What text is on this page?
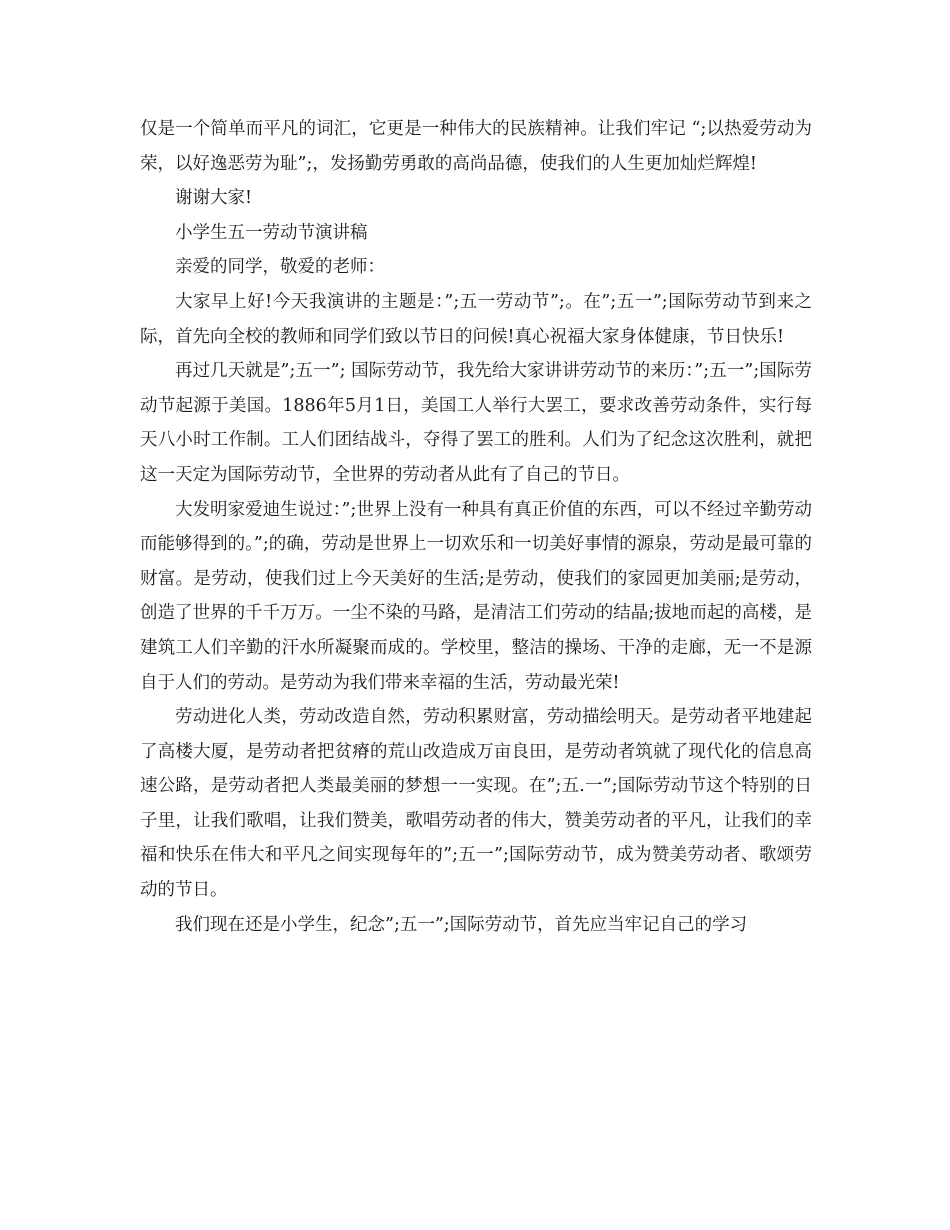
仅是一个简单而平凡的词汇，它更是一种伟大的民族精神。让我们牢记 “;以热爱劳动为荣，以好逸恶劳为耻”;，发扬勤劳勇敢的高尚品德，使我们的人生更加灿烂辉煌!

谢谢大家!

小学生五一劳动节演讲稿

亲爱的同学，敬爱的老师：

大家早上好!今天我演讲的主题是：”;五一劳动节”;。在”;五一”;国际劳动节到来之际，首先向全校的教师和同学们致以节日的问候!真心祝福大家身体健康，节日快乐!

再过几天就是”;五一”; 国际劳动节，我先给大家讲讲劳动节的来历：”;五一”;国际劳动节起源于美国。1886年5月1日，美国工人举行大罢工，要求改善劳动条件，实行每天八小时工作制。工人们团结战斗，夺得了罢工的胜利。人们为了纪念这次胜利，就把这一天定为国际劳动节，全世界的劳动者从此有了自己的节日。

大发明家爱迪生说过：”;世界上没有一种具有真正价值的东西，可以不经过辛勤劳动而能够得到的。”;的确，劳动是世界上一切欢乐和一切美好事情的源泉，劳动是最可靠的财富。是劳动，使我们过上今天美好的生活;是劳动，使我们的家园更加美丽;是劳动，创造了世界的千千万万。一尘不染的马路，是清洁工们劳动的结晶;拔地而起的高楼，是建筑工人们辛勤的汗水所凝聚而成的。学校里，整洁的操场、干净的走廊，无一不是源自于人们的劳动。是劳动为我们带来幸福的生活，劳动最光荣!

劳动进化人类，劳动改造自然，劳动积累财富，劳动描绘明天。是劳动者平地建起了高楼大厦，是劳动者把贫瘠的荒山改造成万亩良田，是劳动者筑就了现代化的信息高速公路，是劳动者把人类最美丽的梦想一一实现。在”;五.一”;国际劳动节这个特别的日子里，让我们歌唱，让我们赞美，歌唱劳动者的伟大，赞美劳动者的平凡，让我们的幸福和快乐在伟大和平凡之间实现每年的”;五一”;国际劳动节，成为赞美劳动者、歌颂劳动的节日。

我们现在还是小学生，纪念”;五一”;国际劳动节，首先应当牢记自己的学习
